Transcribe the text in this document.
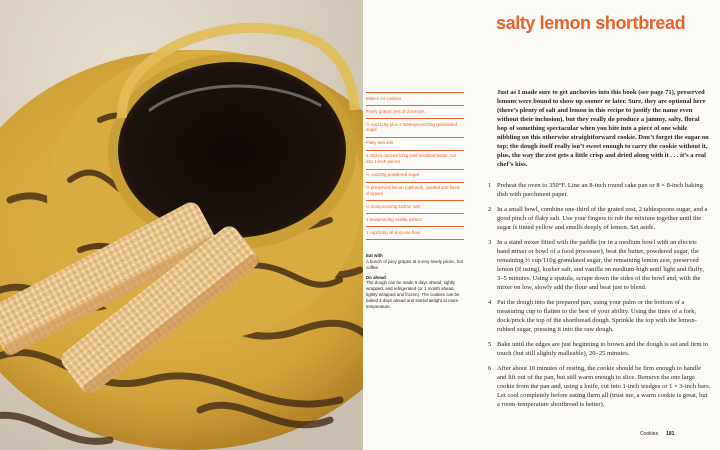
salty lemon shortbread
Makes 24 cookies
Finely grated zest of 3 lemons
½ cup/110g plus 2 tablespoons/25g granulated sugar
Flaky sea salt
1 stick/4 ounces/113g cold unsalted butter, cut into 1-inch pieces
½ cup/20g powdered sugar
½ preserved lemon (optional), seeded and finely chopped
¼ teaspoons/3g kosher salt
1 teaspoon/5g vanilla extract
1 cup/140g all-purpose flour
Eat with
A bunch of juicy grapes at a very lovely picnic, hot coffee.
Do ahead
The dough can be made 5 days ahead, tightly wrapped, and refrigerated (or 1 month ahead, tightly wrapped and frozen). The cookies can be baked 3 days ahead and stored airtight at room temperature.

Just as I made sure to get anchovies into this book (see page 71), preserved lemons were bound to show up sooner or later. Sure, they are optional here (there’s plenty of salt and lemon in this recipe to justify the name even without their inclusion), but they really do produce a jammy, salty, floral bop of something spectacular when you bite into a piece of one while nibbling on this otherwise straightforward cookie. Don’t forget the sugar on top; the dough itself really isn’t sweet enough to carry the cookie without it, plus, the way the zest gets a little crisp and dried along with it . . . it’s a real chef’s kiss.

1 Preheat the oven to 350°F. Line an 8-inch round cake pan or 8 × 8-inch baking dish with parchment paper.
2 In a small bowl, combine one-third of the grated zest, 2 tablespoons sugar, and a good pinch of flaky salt. Use your fingers to rub the mixture together until the sugar is tinted yellow and smells deeply of lemon. Set aside.
3 In a stand mixer fitted with the paddle (or in a medium bowl with an electric hand mixer or bowl of a food processor), beat the butter, powdered sugar, the remaining ½ cup/110g granulated sugar, the remaining lemon zest, preserved lemon (if using), kosher salt, and vanilla on medium-high until light and fluffy, 3–5 minutes. Using a spatula, scrape down the sides of the bowl and, with the mixer on low, slowly add the flour and beat just to blend.
4 Pat the dough into the prepared pan, using your palm or the bottom of a measuring cup to flatten to the best of your ability. Using the tines of a fork, dock/prick the top of the shortbread dough. Sprinkle the top with the lemon-rubbed sugar, pressing it into the raw dough.
5 Bake until the edges are just beginning to brown and the dough is set and firm to touch (but still slightly malleable), 20–25 minutes.
6 After about 10 minutes of resting, the cookie should be firm enough to handle and lift out of the pan, but still warm enough to slice. Remove the one large cookie from the pan and, using a knife, cut into 1-inch wedges or 1 × 3-inch bars. Let cool completely before eating them all (trust me, a warm cookie is great, but a room-temperature shortbread is better).
Cookies 181
